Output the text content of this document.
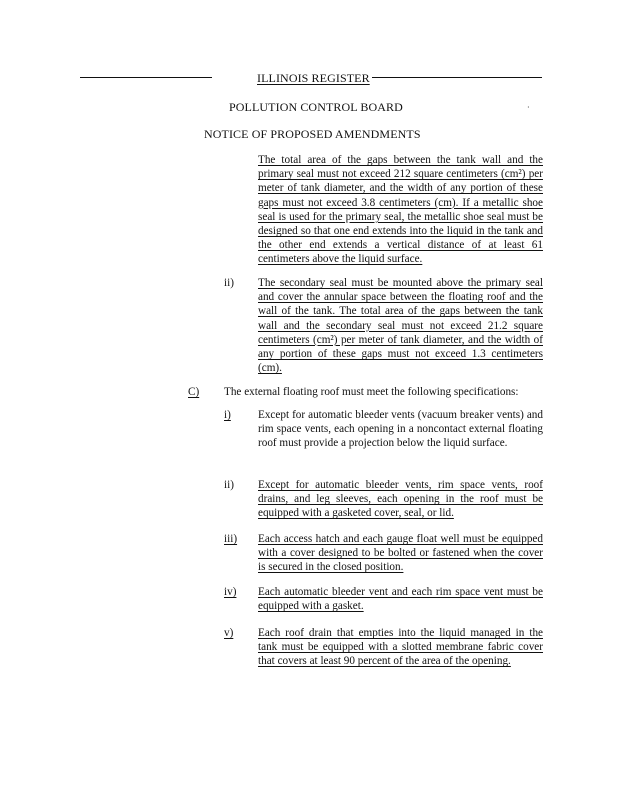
ILLINOIS REGISTER
POLLUTION CONTROL BOARD	·
NOTICE OF PROPOSED AMENDMENTS
The total area of the gaps between the tank wall and the primary seal must not exceed 212 square centimeters (cm²) per meter of tank diameter, and the width of any portion of these gaps must not exceed 3.8 centimeters (cm). If a metallic shoe seal is used for the primary seal, the metallic shoe seal must be designed so that one end extends into the liquid in the tank and the other end extends a vertical distance of at least 61 centimeters above the liquid surface.
ii) The secondary seal must be mounted above the primary seal and cover the annular space between the floating roof and the wall of the tank. The total area of the gaps between the tank wall and the secondary seal must not exceed 21.2 square centimeters (cm²) per meter of tank diameter, and the width of any portion of these gaps must not exceed 1.3 centimeters (cm).
C) The external floating roof must meet the following specifications:
i) Except for automatic bleeder vents (vacuum breaker vents) and rim space vents, each opening in a noncontact external floating roof must provide a projection below the liquid surface.
ii) Except for automatic bleeder vents, rim space vents, roof drains, and leg sleeves, each opening in the roof must be equipped with a gasketed cover, seal, or lid.
iii) Each access hatch and each gauge float well must be equipped with a cover designed to be bolted or fastened when the cover is secured in the closed position.
iv) Each automatic bleeder vent and each rim space vent must be equipped with a gasket.
v) Each roof drain that empties into the liquid managed in the tank must be equipped with a slotted membrane fabric cover that covers at least 90 percent of the area of the opening.
